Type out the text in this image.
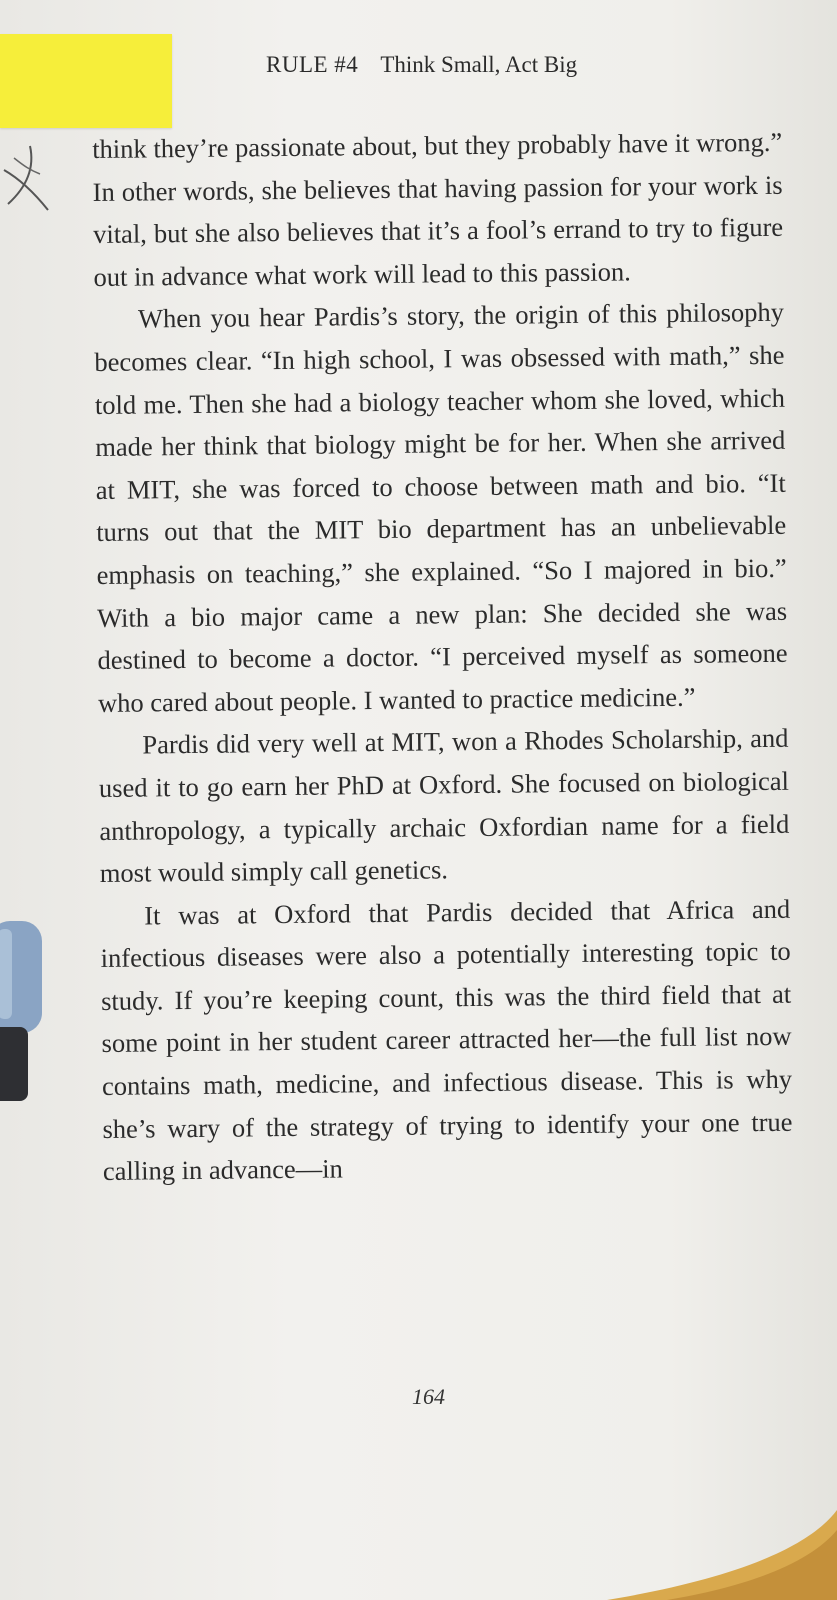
RULE #4 Think Small, Act Big

think they’re passionate about, but they probably have it wrong.” In other words, she believes that having passion for your work is vital, but she also believes that it’s a fool’s errand to try to figure out in advance what work will lead to this passion.

When you hear Pardis’s story, the origin of this philosophy becomes clear. “In high school, I was obsessed with math,” she told me. Then she had a biology teacher whom she loved, which made her think that biology might be for her. When she arrived at MIT, she was forced to choose between math and bio. “It turns out that the MIT bio department has an unbelievable emphasis on teaching,” she explained. “So I majored in bio.” With a bio major came a new plan: She decided she was destined to become a doctor. “I perceived myself as someone who cared about people. I wanted to practice medicine.”

Pardis did very well at MIT, won a Rhodes Scholarship, and used it to go earn her PhD at Oxford. She focused on biological anthropology, a typically archaic Oxfordian name for a field most would simply call genetics.

It was at Oxford that Pardis decided that Africa and infectious diseases were also a potentially interesting topic to study. If you’re keeping count, this was the third field that at some point in her student career attracted her—the full list now contains math, medicine, and infectious disease. This is why she’s wary of the strategy of trying to identify your one true calling in advance—in

164
